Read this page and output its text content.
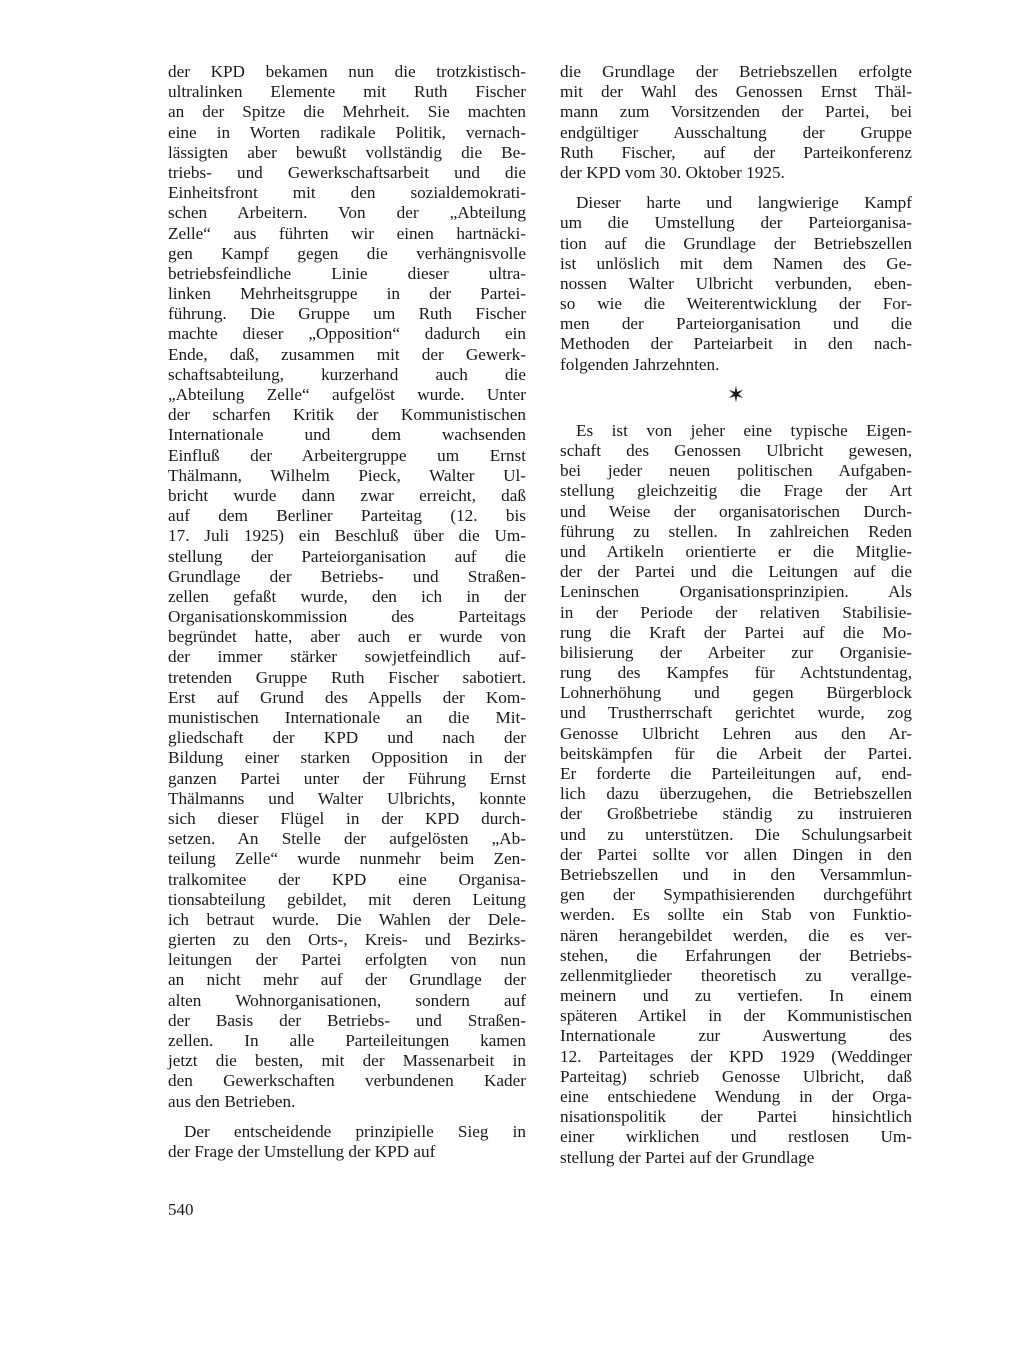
der KPD bekamen nun die trotzkistisch-
ultralinken Elemente mit Ruth Fischer
an der Spitze die Mehrheit. Sie machten
eine in Worten radikale Politik, vernach-
lässigten aber bewußt vollständig die Be-
triebs- und Gewerkschaftsarbeit und die
Einheitsfront mit den sozialdemokrati-
schen Arbeitern. Von der „Abteilung
Zelle“ aus führten wir einen hartnäcki-
gen Kampf gegen die verhängnisvolle
betriebsfeindliche Linie dieser ultra-
linken Mehrheitsgruppe in der Partei-
führung. Die Gruppe um Ruth Fischer
machte dieser „Opposition“ dadurch ein
Ende, daß, zusammen mit der Gewerk-
schaftsabteilung, kurzerhand auch die
„Abteilung Zelle“ aufgelöst wurde. Unter
der scharfen Kritik der Kommunistischen
Internationale und dem wachsenden
Einfluß der Arbeitergruppe um Ernst
Thälmann, Wilhelm Pieck, Walter Ul-
bricht wurde dann zwar erreicht, daß
auf dem Berliner Parteitag (12. bis
17. Juli 1925) ein Beschluß über die Um-
stellung der Parteiorganisation auf die
Grundlage der Betriebs- und Straßen-
zellen gefaßt wurde, den ich in der
Organisationskommission des Parteitags
begründet hatte, aber auch er wurde von
der immer stärker sowjetfeindlich auf-
tretenden Gruppe Ruth Fischer sabotiert.
Erst auf Grund des Appells der Kom-
munistischen Internationale an die Mit-
gliedschaft der KPD und nach der
Bildung einer starken Opposition in der
ganzen Partei unter der Führung Ernst
Thälmanns und Walter Ulbrichts, konnte
sich dieser Flügel in der KPD durch-
setzen. An Stelle der aufgelösten „Ab-
teilung Zelle“ wurde nunmehr beim Zen-
tralkomitee der KPD eine Organisa-
tionsabteilung gebildet, mit deren Leitung
ich betraut wurde. Die Wahlen der Dele-
gierten zu den Orts-, Kreis- und Bezirks-
leitungen der Partei erfolgten von nun
an nicht mehr auf der Grundlage der
alten Wohnorganisationen, sondern auf
der Basis der Betriebs- und Straßen-
zellen. In alle Parteileitungen kamen
jetzt die besten, mit der Massenarbeit in
den Gewerkschaften verbundenen Kader
aus den Betrieben.
Der entscheidende prinzipielle Sieg in
der Frage der Umstellung der KPD auf
die Grundlage der Betriebszellen erfolgte
mit der Wahl des Genossen Ernst Thäl-
mann zum Vorsitzenden der Partei, bei
endgültiger Ausschaltung der Gruppe
Ruth Fischer, auf der Parteikonferenz
der KPD vom 30. Oktober 1925.
Dieser harte und langwierige Kampf
um die Umstellung der Parteiorganisa-
tion auf die Grundlage der Betriebszellen
ist unlöslich mit dem Namen des Ge-
nossen Walter Ulbricht verbunden, eben-
so wie die Weiterentwicklung der For-
men der Parteiorganisation und die
Methoden der Parteiarbeit in den nach-
folgenden Jahrzehnten.
✶
Es ist von jeher eine typische Eigen-
schaft des Genossen Ulbricht gewesen,
bei jeder neuen politischen Aufgaben-
stellung gleichzeitig die Frage der Art
und Weise der organisatorischen Durch-
führung zu stellen. In zahlreichen Reden
und Artikeln orientierte er die Mitglie-
der der Partei und die Leitungen auf die
Leninschen Organisationsprinzipien. Als
in der Periode der relativen Stabilisie-
rung die Kraft der Partei auf die Mo-
bilisierung der Arbeiter zur Organisie-
rung des Kampfes für Achtstundentag,
Lohnerhöhung und gegen Bürgerblock
und Trustherrschaft gerichtet wurde, zog
Genosse Ulbricht Lehren aus den Ar-
beitskämpfen für die Arbeit der Partei.
Er forderte die Parteileitungen auf, end-
lich dazu überzugehen, die Betriebszellen
der Großbetriebe ständig zu instruieren
und zu unterstützen. Die Schulungsarbeit
der Partei sollte vor allen Dingen in den
Betriebszellen und in den Versammlun-
gen der Sympathisierenden durchgeführt
werden. Es sollte ein Stab von Funktio-
nären herangebildet werden, die es ver-
stehen, die Erfahrungen der Betriebs-
zellenmitglieder theoretisch zu verallge-
meinern und zu vertiefen. In einem
späteren Artikel in der Kommunistischen
Internationale zur Auswertung des
12. Parteitages der KPD 1929 (Weddinger
Parteitag) schrieb Genosse Ulbricht, daß
eine entschiedene Wendung in der Orga-
nisationspolitik der Partei hinsichtlich
einer wirklichen und restlosen Um-
stellung der Partei auf der Grundlage
540
